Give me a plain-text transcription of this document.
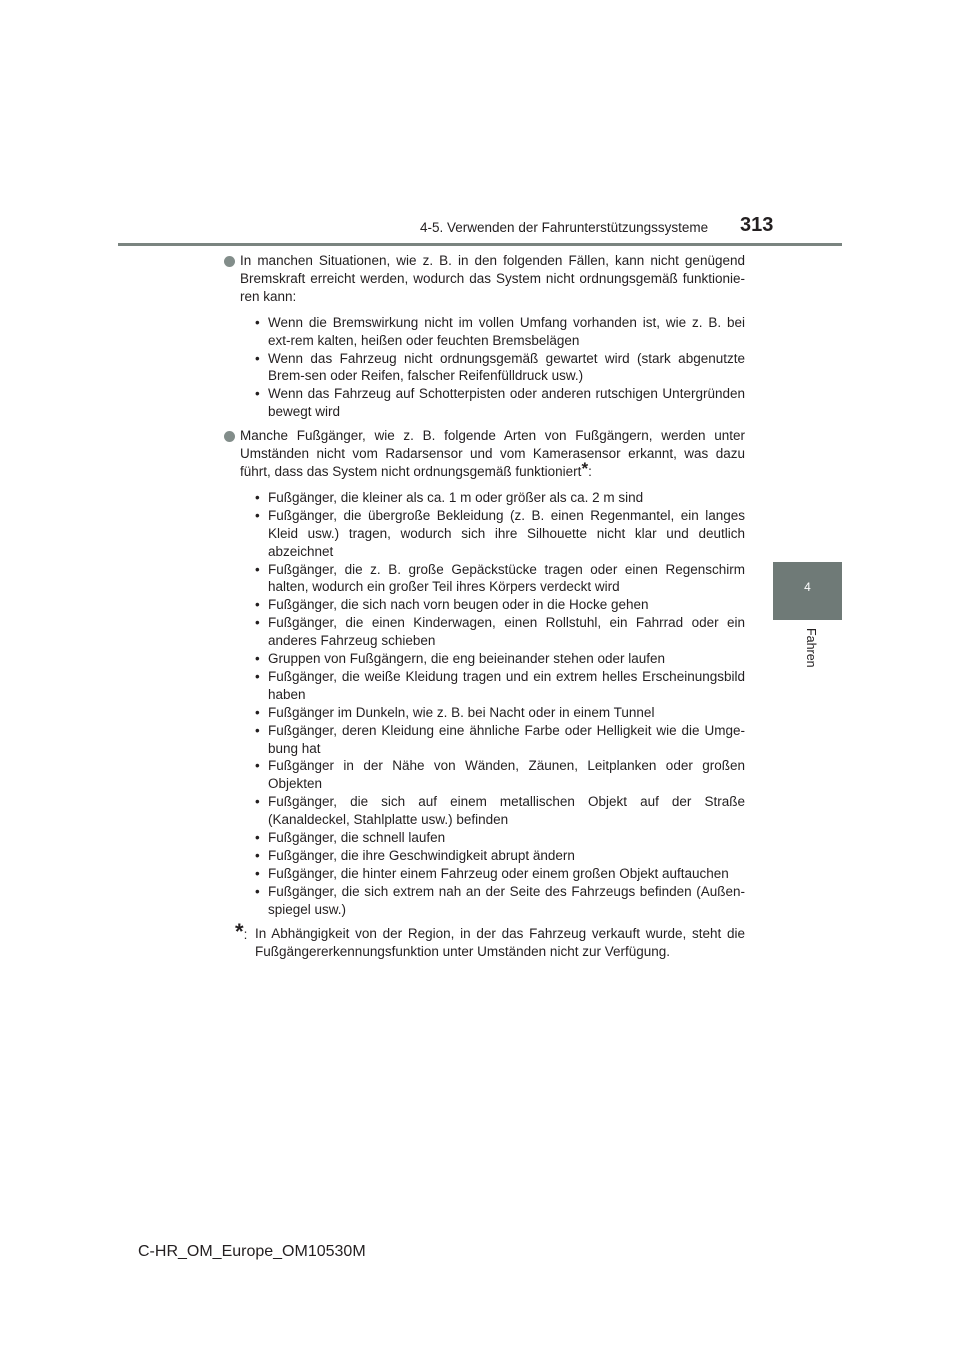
4-5. Verwenden der Fahrunterstützungssysteme 313
4
Fahren
In manchen Situationen, wie z. B. in den folgenden Fällen, kann nicht genügend Bremskraft erreicht werden, wodurch das System nicht ordnungsgemäß funktionie-ren kann:
• Wenn die Bremswirkung nicht im vollen Umfang vorhanden ist, wie z. B. bei ext-rem kalten, heißen oder feuchten Bremsbelägen
• Wenn das Fahrzeug nicht ordnungsgemäß gewartet wird (stark abgenutzte Brem-sen oder Reifen, falscher Reifenfülldruck usw.)
• Wenn das Fahrzeug auf Schotterpisten oder anderen rutschigen Untergründen bewegt wird
Manche Fußgänger, wie z. B. folgende Arten von Fußgängern, werden unter Umständen nicht vom Radarsensor und vom Kamerasensor erkannt, was dazu führt, dass das System nicht ordnungsgemäß funktioniert*:
• Fußgänger, die kleiner als ca. 1 m oder größer als ca. 2 m sind
• Fußgänger, die übergroße Bekleidung (z. B. einen Regenmantel, ein langes Kleid usw.) tragen, wodurch sich ihre Silhouette nicht klar und deutlich abzeichnet
• Fußgänger, die z. B. große Gepäckstücke tragen oder einen Regenschirm halten, wodurch ein großer Teil ihres Körpers verdeckt wird
• Fußgänger, die sich nach vorn beugen oder in die Hocke gehen
• Fußgänger, die einen Kinderwagen, einen Rollstuhl, ein Fahrrad oder ein anderes Fahrzeug schieben
• Gruppen von Fußgängern, die eng beieinander stehen oder laufen
• Fußgänger, die weiße Kleidung tragen und ein extrem helles Erscheinungsbild haben
• Fußgänger im Dunkeln, wie z. B. bei Nacht oder in einem Tunnel
• Fußgänger, deren Kleidung eine ähnliche Farbe oder Helligkeit wie die Umge-bung hat
• Fußgänger in der Nähe von Wänden, Zäunen, Leitplanken oder großen Objekten
• Fußgänger, die sich auf einem metallischen Objekt auf der Straße (Kanaldeckel, Stahlplatte usw.) befinden
• Fußgänger, die schnell laufen
• Fußgänger, die ihre Geschwindigkeit abrupt ändern
• Fußgänger, die hinter einem Fahrzeug oder einem großen Objekt auftauchen
• Fußgänger, die sich extrem nah an der Seite des Fahrzeugs befinden (Außen-spiegel usw.)
*: In Abhängigkeit von der Region, in der das Fahrzeug verkauft wurde, steht die Fußgängererkennungsfunktion unter Umständen nicht zur Verfügung.
C-HR_OM_Europe_OM10530M
